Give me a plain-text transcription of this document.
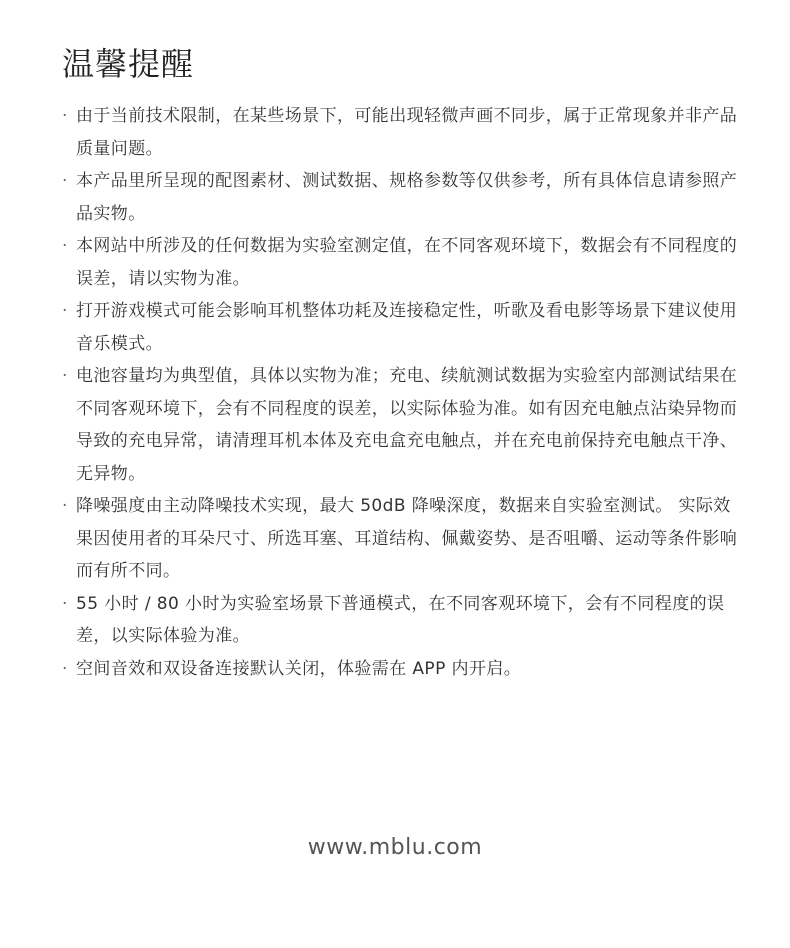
温馨提醒
· 由于当前技术限制，在某些场景下，可能出现轻微声画不同步，属于正常现象并非产品质量问题。
· 本产品里所呈现的配图素材、测试数据、规格参数等仅供参考，所有具体信息请参照产品实物。
· 本网站中所涉及的任何数据为实验室测定值，在不同客观环境下，数据会有不同程度的误差，请以实物为准。
· 打开游戏模式可能会影响耳机整体功耗及连接稳定性，听歌及看电影等场景下建议使用音乐模式。
· 电池容量均为典型值，具体以实物为准；充电、续航测试数据为实验室内部测试结果在不同客观环境下，会有不同程度的误差，以实际体验为准。如有因充电触点沾染异物而导致的充电异常，请清理耳机本体及充电盒充电触点，并在充电前保持充电触点干净、无异物。
· 降噪强度由主动降噪技术实现，最大 50dB 降噪深度，数据来自实验室测试。 实际效果因使用者的耳朵尺寸、所选耳塞、耳道结构、佩戴姿势、是否咀嚼、运动等条件影响而有所不同。
· 55 小时 / 80 小时为实验室场景下普通模式，在不同客观环境下，会有不同程度的误差，以实际体验为准。
· 空间音效和双设备连接默认关闭，体验需在 APP 内开启。
www.mblu.com
